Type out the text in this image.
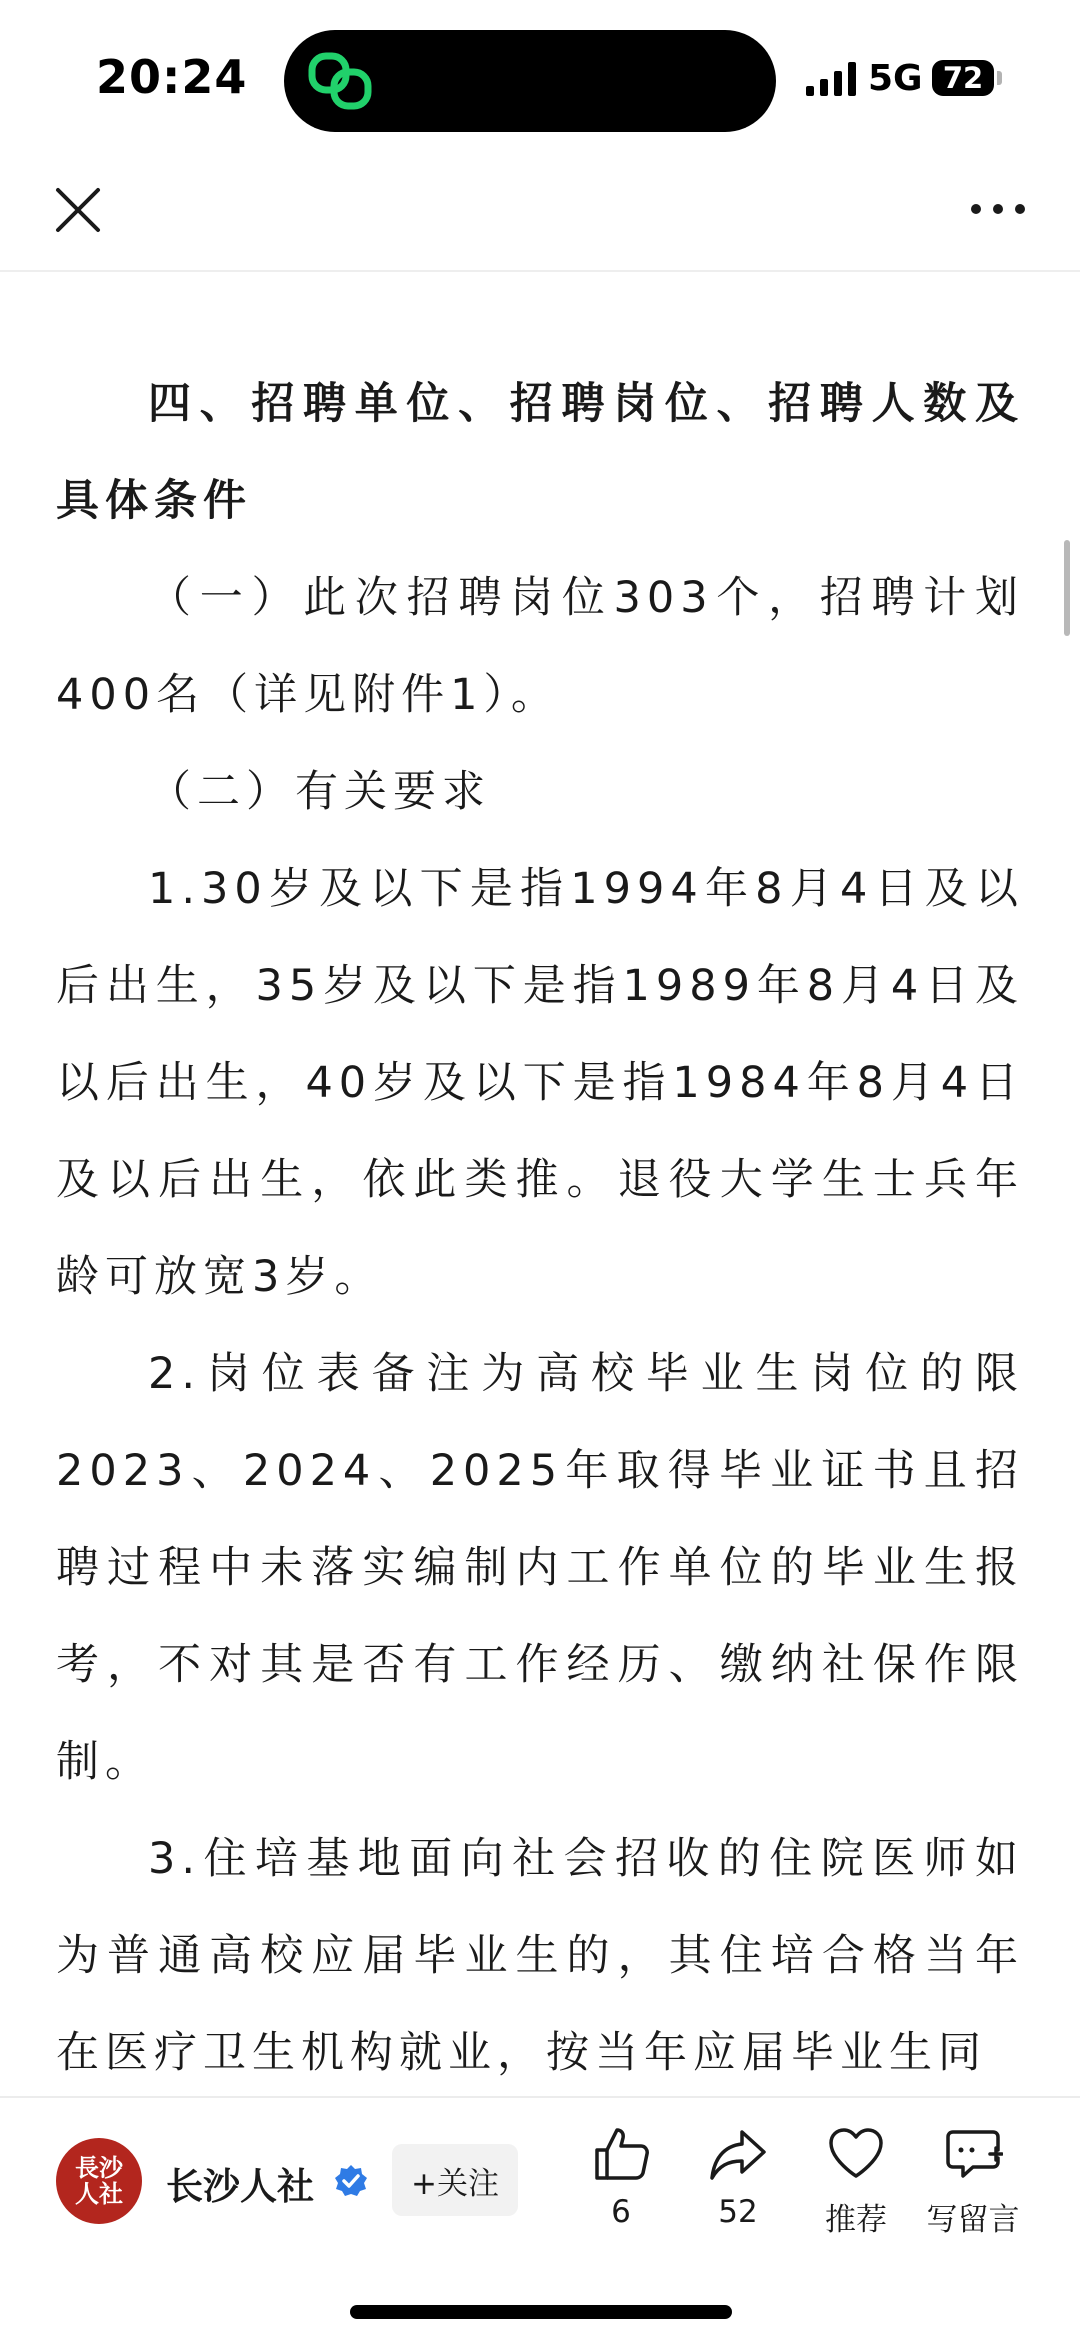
20:24	5G 72

四、招聘单位、招聘岗位、招聘人数及具体条件

（一）此次招聘岗位303个，招聘计划400名（详见附件1）。

（二）有关要求

1.30岁及以下是指1994年8月4日及以后出生，35岁及以下是指1989年8月4日及以后出生，40岁及以下是指1984年8月4日及以后出生，依此类推。退役大学生士兵年龄可放宽3岁。

2.岗位表备注为高校毕业生岗位的限2023、2024、2025年取得毕业证书且招聘过程中未落实编制内工作单位的毕业生报考，不对其是否有工作经历、缴纳社保作限制。

3.住培基地面向社会招收的住院医师如为普通高校应届毕业生的，其住培合格当年在医疗卫生机构就业，按当年应届毕业生同

長沙人社 长沙人社	+关注
6	52	推荐	写留言
